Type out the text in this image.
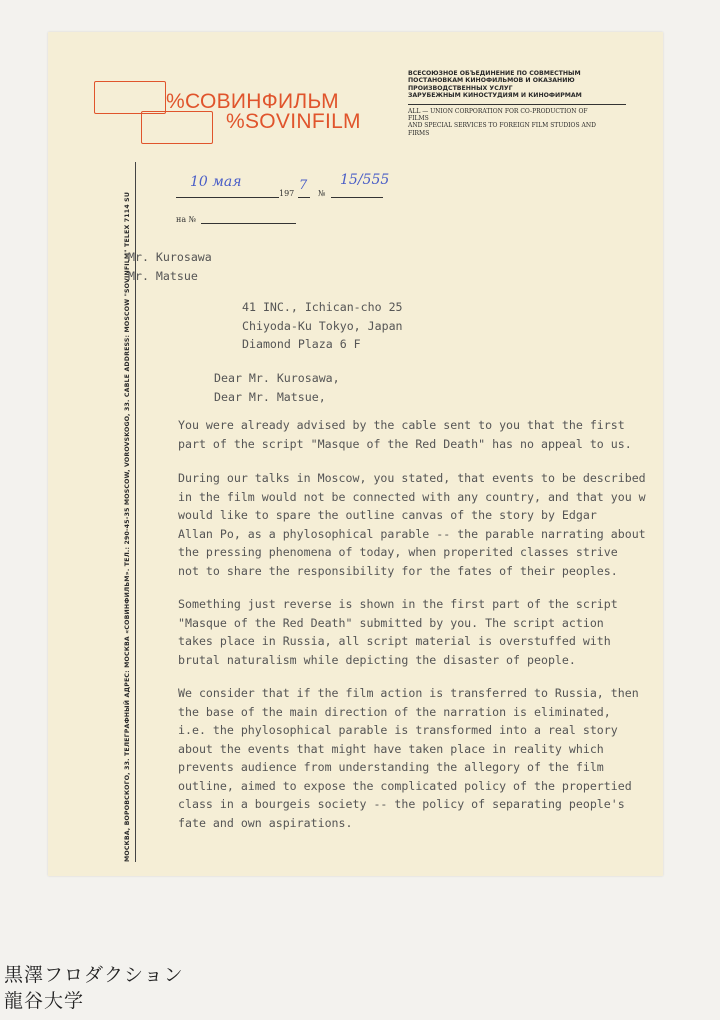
%СОВИНФИЛЬМ
%SOVINFILM

ВСЕСОЮЗНОЕ ОБЪЕДИНЕНИЕ ПО СОВМЕСТНЫМ

ПОСТАНОВКАМ КИНОФИЛЬМОВ И ОКАЗАНИЮ

ПРОИЗВОДСТВЕННЫХ УСЛУГ

ЗАРУБЕЖНЫМ КИНОСТУДИЯМ И КИНОФИРМАМ

ALL — UNION CORPORATION FOR CO-PRODUCTION OF

FILMS

AND SPECIAL SERVICES TO FOREIGN FILM STUDIOS AND

FIRMS

МОСКВА, ВОРОВСКОГО, 33. ТЕЛЕГРАФНЫЙ АДРЕС: МОСКВА «СОВИНФИЛЬМ». ТЕЛ.: 290-45-35 MOSCOW, VOROVSKOGO, 33. CABLE ADDRESS: MOSCOW "SOVINFILM" TELEX 7114 SU
10 мая
197
7
№
15/555
на №
Mr. Kurosawa
Mr. Matsue
41 INC., Ichican-cho 25
Chiyoda-Ku Tokyo, Japan
Diamond Plaza 6 F
Dear Mr. Kurosawa,
Dear Mr. Matsue,
You were already advised by the cable sent to you that the first
part of the script "Masque of the Red Death" has no appeal to us.
During our talks in Moscow, you stated, that events to be described
in the film would not be connected with any country, and that you w
would like to spare the outline canvas of the story by Edgar
Allan Po, as a phylosophical parable -- the parable narrating about
the pressing phenomena of today, when properited classes strive
not to share the responsibility for the fates of their peoples.
Something just reverse is shown in the first part of the script
"Masque of the Red Death" submitted by you. The script action
takes place in Russia, all script material is overstuffed with
brutal naturalism while depicting the disaster of people.
We consider that if the film action is transferred to Russia, then
the base of the main direction of the narration is eliminated,
i.e. the phylosophical parable is transformed into a real story
about the events that might have taken place in reality which
prevents audience from understanding the allegory of the film
outline, aimed to expose the complicated policy of the propertied
class in a bourgeis society -- the policy of separating people's
fate and own aspirations.
黒澤フロダクション
龍谷大学
